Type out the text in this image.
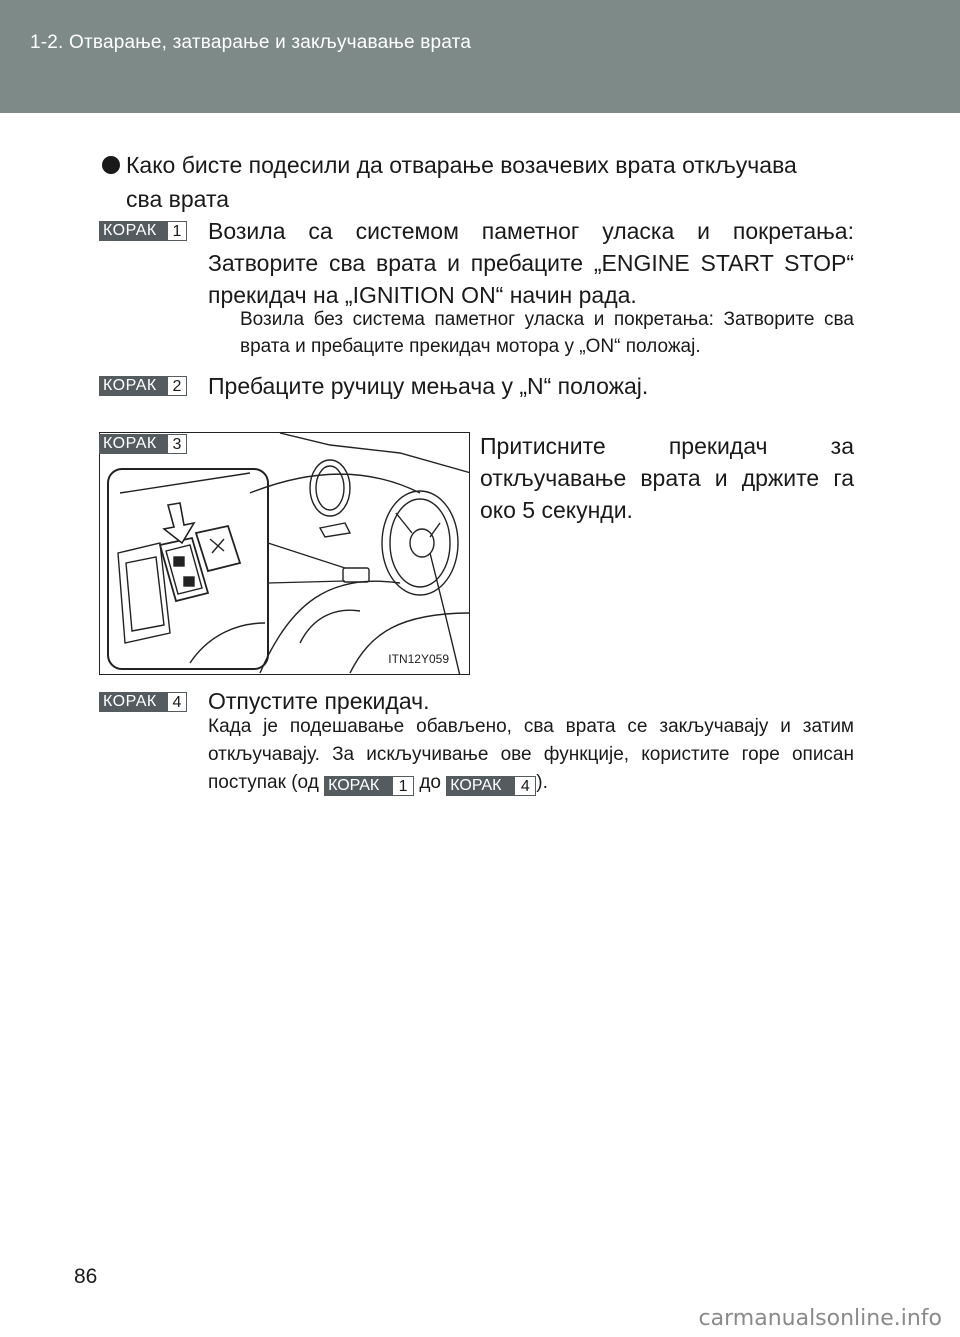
1-2. Отварање, затварање и закључавање врата
Како бисте подесили да отварање возачевих врата откључава
сва врата
КОРАК 1 Возила са системом паметног уласка и покретања: Затворите сва врата и пребаците „ENGINE START STOP“ прекидач на „IGNITION ON“ начин рада.
Возила без система паметног уласка и покретања: Затворите сва врата и пребаците прекидач мотора у „ON“ положај.
КОРАК 2 Пребаците ручицу мењача у „N“ положај.
КОРАК 3
ITN12Y059
Притисните прекидач за откључавање врата и држите га око 5 секунди.
КОРАК 4 Отпустите прекидач.
Када је подешавање обављено, сва врата се закључавају и затим откључавају. За искључивање ове функције, користите горе описан поступак (од КОРАК	1 до КОРАК	4 ).
86
carmanualsonline.info
